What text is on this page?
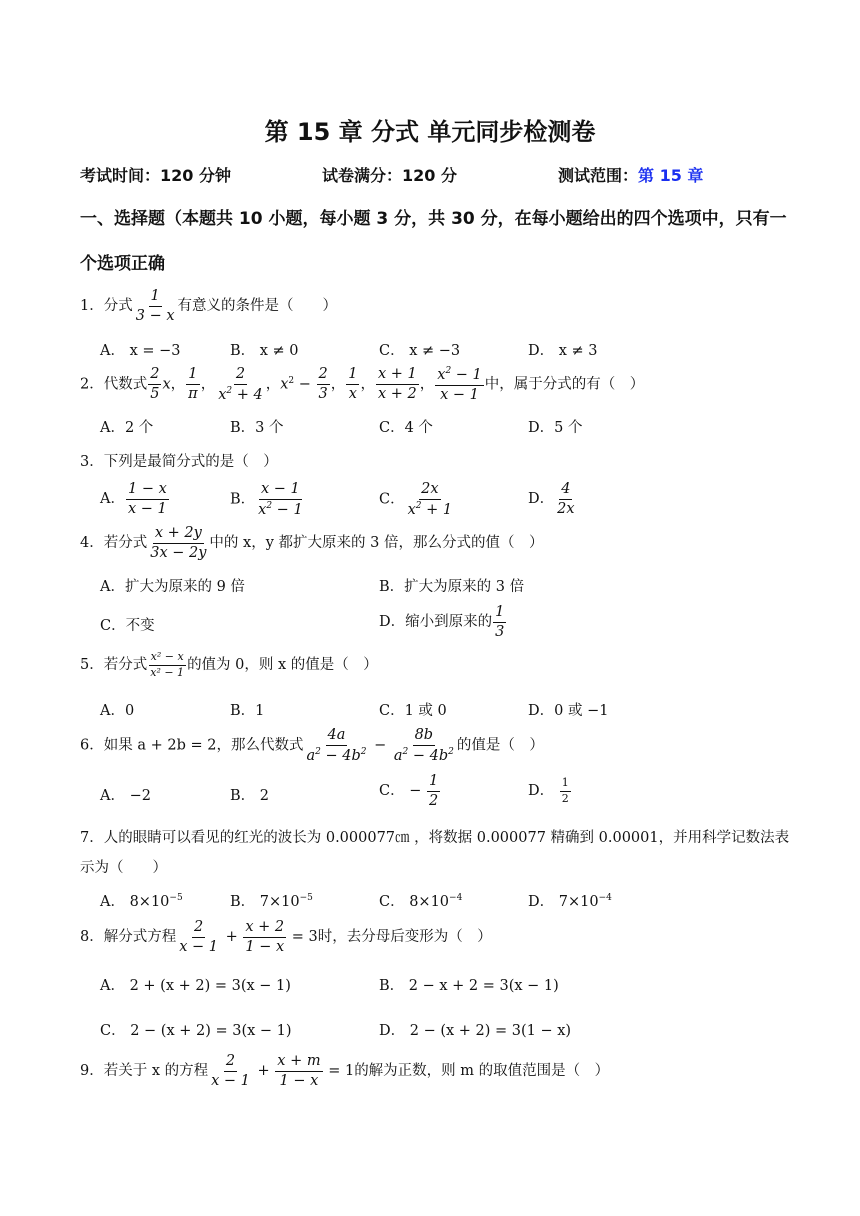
第 15 章 分式 单元同步检测卷
考试时间：120 分钟	试卷满分：120 分	测试范围：第 15 章
一、选择题（本题共 10 小题，每小题 3 分，共 30 分，在每小题给出的四个选项中，只有一
个选项正确
1．分式 $\frac{1}{3 - x}$ 有意义的条件是（　　）
A． x = −3	B． x ≠ 0	C． x ≠ −3	D． x ≠ 3
2．代数式 $\frac{2}{5}$ x， $\frac{1}{\pi}$ ， $\frac{2}{x^2 + 4}$ ，$x^2 - \frac{2}{3}$ ， $\frac{1}{x}$ ， $\frac{x + 1}{x + 2}$ ， $\frac{x^2 - 1}{x - 1}$ 中，属于分式的有（　）
A．2 个	B．3 个	C．4 个	D．5 个
3．下列是最简分式的是（　）
A． $\frac{1 - x}{x - 1}$	B． $\frac{x - 1}{x^2 - 1}$	C． $\frac{2x}{x^2 + 1}$	D． $\frac{4}{2x}$
4．若分式 $\frac{x + 2y}{3x - 2y}$ 中的 x，y 都扩大原来的 3 倍，那么分式的值（　）
A．扩大为原来的 9 倍	B．扩大为原来的 3 倍
C．不变	D．缩小到原来的 $\frac{1}{3}$
5．若分式 $\frac{\text{x² − x}}{\text{x² − 1}}$ 的值为 0，则 x 的值是（　）
A．0	B．1	C．1 或 0	D．0 或 −1
6．如果 a + 2b = 2，那么代数式 $\frac{4a}{a^2 - 4b^2} - \frac{8b}{a^2 - 4b^2}$ 的值是（　）
A． −2	B． 2	C． − $\frac{1}{2}$	D． $\frac{1}{2}$
7．人的眼睛可以看见的红光的波长为 0.000077㎝ ，将数据 0.000077 精确到 0.00001，并用科学记数法表
示为（　　）
A． $8\times 10^{-5}$	B． $7\times 10^{-5}$	C． $8\times 10^{-4}$	D． $7\times 10^{-4}$
8．解分式方程 $\frac{2}{x - 1} + \frac{x + 2}{1 - x} = 3$时，去分母后变形为（　）
A． 2 + (x + 2) = 3(x − 1)	B． 2 − x + 2 = 3(x − 1)
C． 2 − (x + 2) = 3(x − 1)	D． 2 − (x + 2) = 3(1 − x)
9．若关于 x 的方程 $\frac{2}{x - 1} + \frac{x + m}{1 - x} = 1$的解为正数，则 m 的取值范围是（　）
